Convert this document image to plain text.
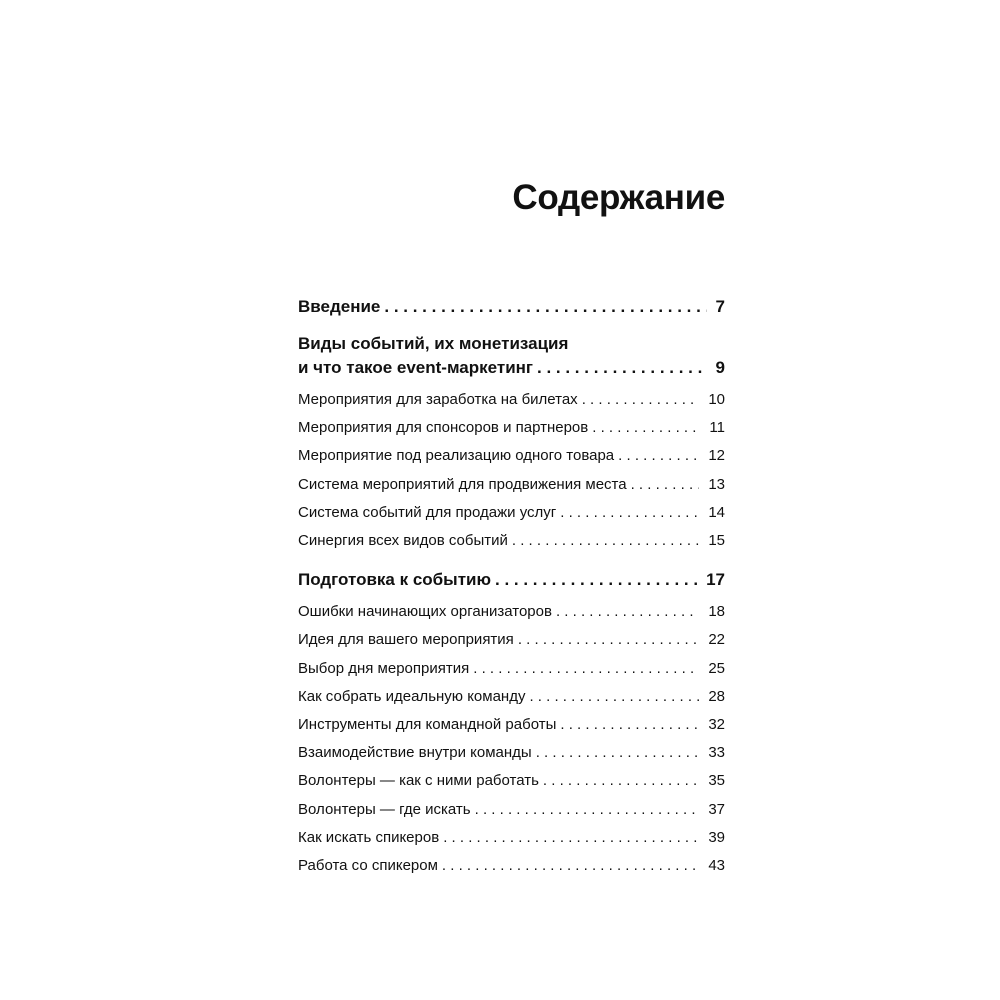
Содержание
Введение . . .	7
Виды событий, их монетизация
и что такое event-маркетинг . . .	9
Мероприятия для заработка на билетах . . .	10
Мероприятия для спонсоров и партнеров . . .	11
Мероприятие под реализацию одного товара . . .	12
Система мероприятий для продвижения места . . .	13
Система событий для продажи услуг . . .	14
Синергия всех видов событий . . .	15
Подготовка к событию . . .	17
Ошибки начинающих организаторов . . .	18
Идея для вашего мероприятия . . .	22
Выбор дня мероприятия . . .	25
Как собрать идеальную команду . . .	28
Инструменты для командной работы . . .	32
Взаимодействие внутри команды . . .	33
Волонтеры — как с ними работать . . .	35
Волонтеры — где искать . . .	37
Как искать спикеров . . .	39
Работа со спикером . . .	43
